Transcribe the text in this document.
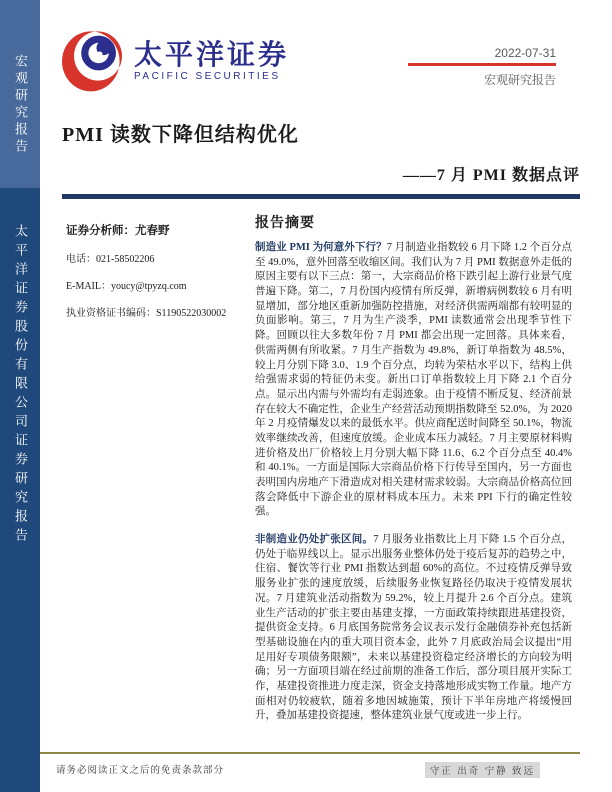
宏观研究报告
太平洋证券股份有限公司证券研究报告
太平洋证券
PACIFIC SECURITIES
2022-07-31
宏观研究报告
PMI 读数下降但结构优化
——7 月 PMI 数据点评

证券分析师：尤春野

电话：021-58502206

E-MAIL：youcy@tpyzq.com

执业资格证书编码：S1190522030002

报告摘要

制造业 PMI 为何意外下行？7 月制造业指数较 6 月下降 1.2 个百分点至 49.0%，意外回落至收缩区间。我们认为 7 月 PMI 数据意外走低的原因主要有以下三点：第一，大宗商品价格下跌引起上游行业景气度普遍下降。第二，7 月份国内疫情有所反弹，新增病例数较 6 月有明显增加，部分地区重新加强防控措施，对经济供需两端都有较明显的负面影响。第三，7 月为生产淡季，PMI 读数通常会出现季节性下降。回顾以往大多数年份 7 月 PMI 都会出现一定回落。具体来看，供需两侧有所收紧。7 月生产指数为 49.8%，新订单指数为 48.5%，较上月分别下降 3.0、1.9 个百分点，均转为荣枯水平以下，结构上供给强需求弱的特征仍未变。新出口订单指数较上月下降 2.1 个百分点。显示出内需与外需均有走弱迹象。由于疫情不断反复、经济前景存在较大不确定性，企业生产经营活动预期指数降至 52.0%，为 2020 年 2 月疫情爆发以来的最低水平。供应商配送时间降至 50.1%，物流效率继续改善，但速度放缓。企业成本压力减轻。7 月主要原材料购进价格及出厂价格较上月分别大幅下降 11.6、6.2 个百分点至 40.4%和 40.1%。一方面是国际大宗商品价格下行传导至国内，另一方面也表明国内房地产下滑造成对相关建材需求较弱。大宗商品价格高位回落会降低中下游企业的原材料成本压力。未来 PPI 下行的确定性较强。

非制造业仍处扩张区间。7 月服务业指数比上月下降 1.5 个百分点，仍处于临界线以上。显示出服务业整体仍处于疫后复苏的趋势之中，住宿、餐饮等行业 PMI 指数达到超 60%的高位。不过疫情反弹导致服务业扩张的速度放缓，后续服务业恢复路径仍取决于疫情发展状况。7 月建筑业活动指数为 59.2%，较上月提升 2.6 个百分点。建筑业生产活动的扩张主要由基建支撑，一方面政策持续跟进基建投资，提供资金支持。6 月底国务院常务会议表示发行金融债券补充包括新型基础设施在内的重大项目资本金，此外 7 月底政治局会议提出“用足用好专项债务限额”，未来以基建投资稳定经济增长的方向较为明确；另一方面项目端在经过前期的准备工作后，部分项目展开实际工作，基建投资推进力度走深，资金支持落地形成实物工作量。地产方面相对仍较疲软，随着多地因城施策，预计下半年房地产将缓慢回升，叠加基建投资提速，整体建筑业景气度或进一步上行。

请务必阅读正文之后的免责条款部分	守正 出奇 宁静 致远
